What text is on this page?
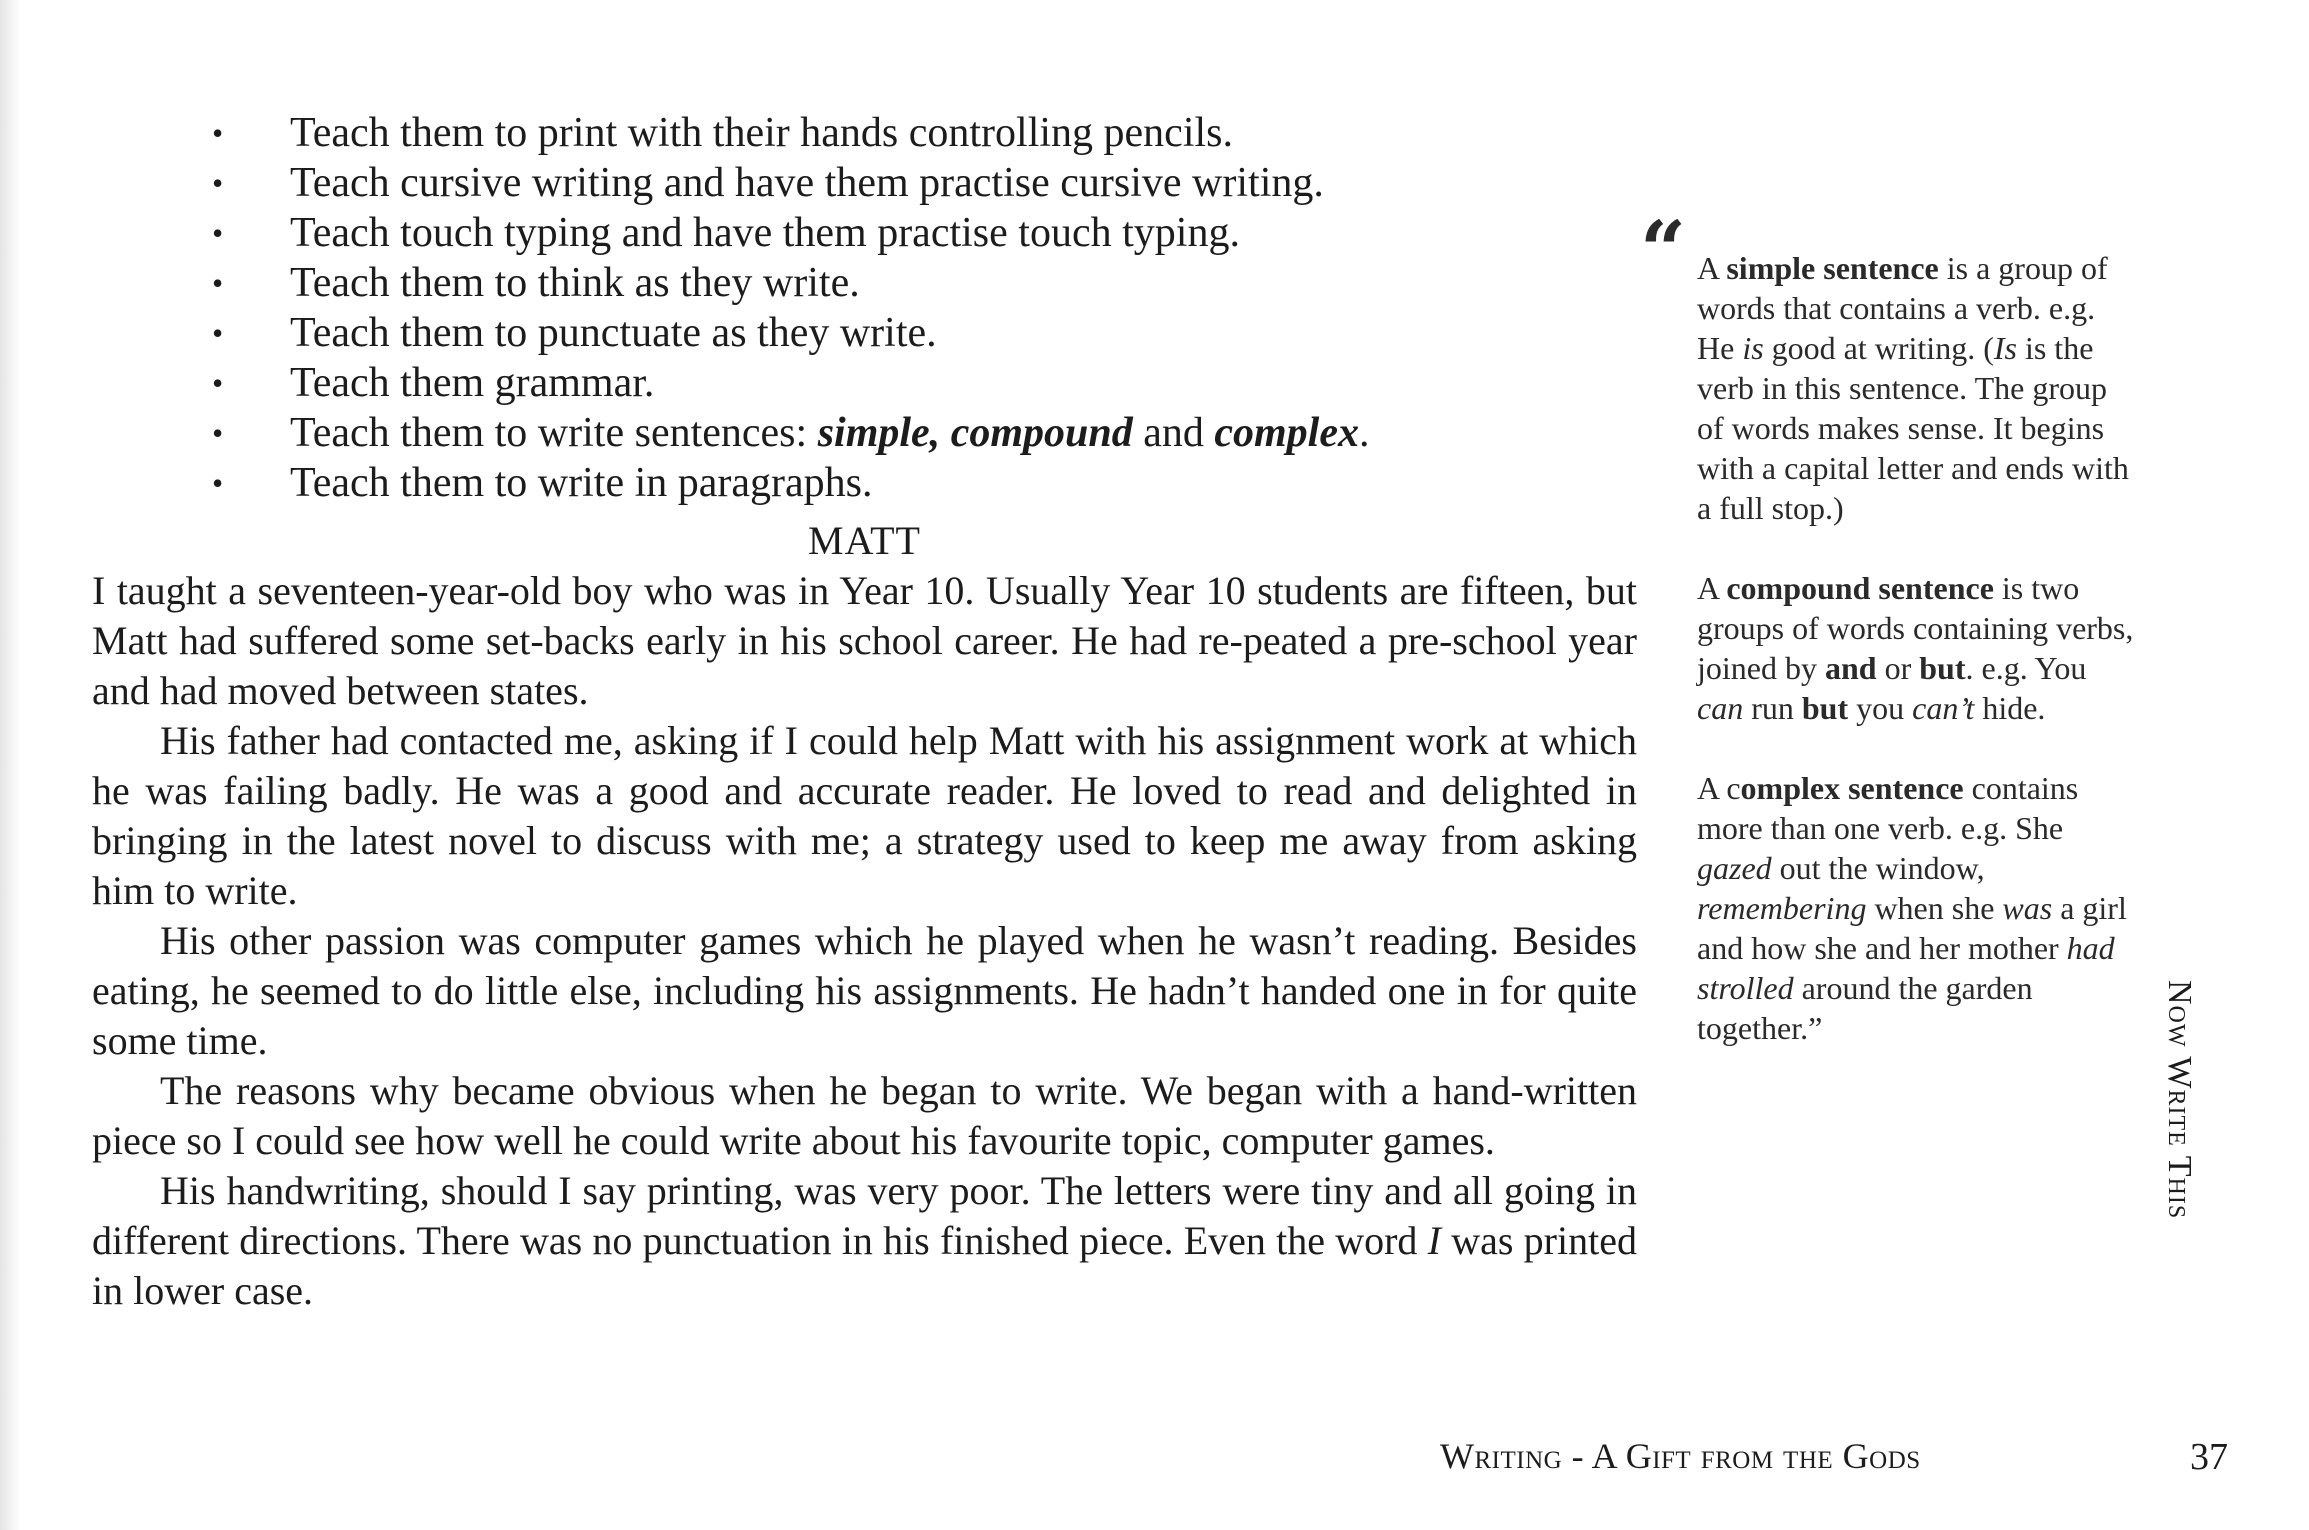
• Teach them to print with their hands controlling pencils.
• Teach cursive writing and have them practise cursive writing.
• Teach touch typing and have them practise touch typing.
• Teach them to think as they write.
• Teach them to punctuate as they write.
• Teach them grammar.
• Teach them to write sentences: simple, compound and complex.
• Teach them to write in paragraphs.
MATT

I taught a seventeen-year-old boy who was in Year 10. Usually Year 10 students are fifteen, but Matt had suffered some set-backs early in his school career. He had re-peated a pre-school year and had moved between states.

His father had contacted me, asking if I could help Matt with his assignment work at which he was failing badly. He was a good and accurate reader. He loved to read and delighted in bringing in the latest novel to discuss with me; a strategy used to keep me away from asking him to write.

His other passion was computer games which he played when he wasn’t reading. Besides eating, he seemed to do little else, including his assignments. He hadn’t handed one in for quite some time.

The reasons why became obvious when he began to write. We began with a hand-written piece so I could see how well he could write about his favourite topic, computer games.

His handwriting, should I say printing, was very poor. The letters were tiny and all going in different directions. There was no punctuation in his finished piece. Even the word I was printed in lower case.

“ A simple sentence is a group of words that contains a verb. e.g. He is good at writing. (Is is the verb in this sentence. The group of words makes sense. It begins with a capital letter and ends with a full stop.)

A compound sentence is two groups of words containing verbs, joined by and or but. e.g. You can run but you can’t hide.

A complex sentence contains more than one verb. e.g. She gazed out the window, remembering when she was a girl and how she and her mother had strolled around the garden together.”	Now Write This
Writing - A Gift from the Gods	37
